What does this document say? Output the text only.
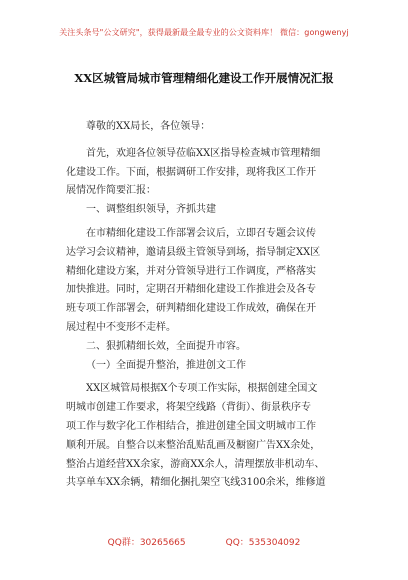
关注头条号"公文研究"，获得最新最全最专业的公文资料库！ 微信：gongwenyj
XX区城管局城市管理精细化建设工作开展情况汇报
尊敬的XX局长，各位领导：
首先，欢迎各位领导莅临XX区指导检查城市管理精细
化建设工作。下面，根据调研工作安排，现将我区工作开
展情况作简要汇报：
一、调整组织领导，齐抓共建
在市精细化建设工作部署会议后，立即召专题会议传
达学习会议精神，邀请县级主管领导到场，指导制定XX区
精细化建设方案，并对分管领导进行工作调度，严格落实
加快推进。同时，定期召开精细化建设工作推进会及各专
班专项工作部署会，研判精细化建设工作成效，确保在开
展过程中不变形不走样。
二、狠抓精细长效，全面提升市容。
（一）全面提升整治，推进创文工作
XX区城管局根据X个专项工作实际，根据创建全国文
明城市创建工作要求，将架空线路（背街）、街景秩序专
项工作与数字化工作相结合，推进创建全国文明城市工作
顺利开展。自整合以来整治乱贴乱画及橱窗广告XX余处，
整治占道经营XX余家，游商XX余人，清理摆放非机动车、
共享单车XX余辆，精细化捆扎架空飞线3100余米，维修道
QQ群：30265665	QQ：535304092
